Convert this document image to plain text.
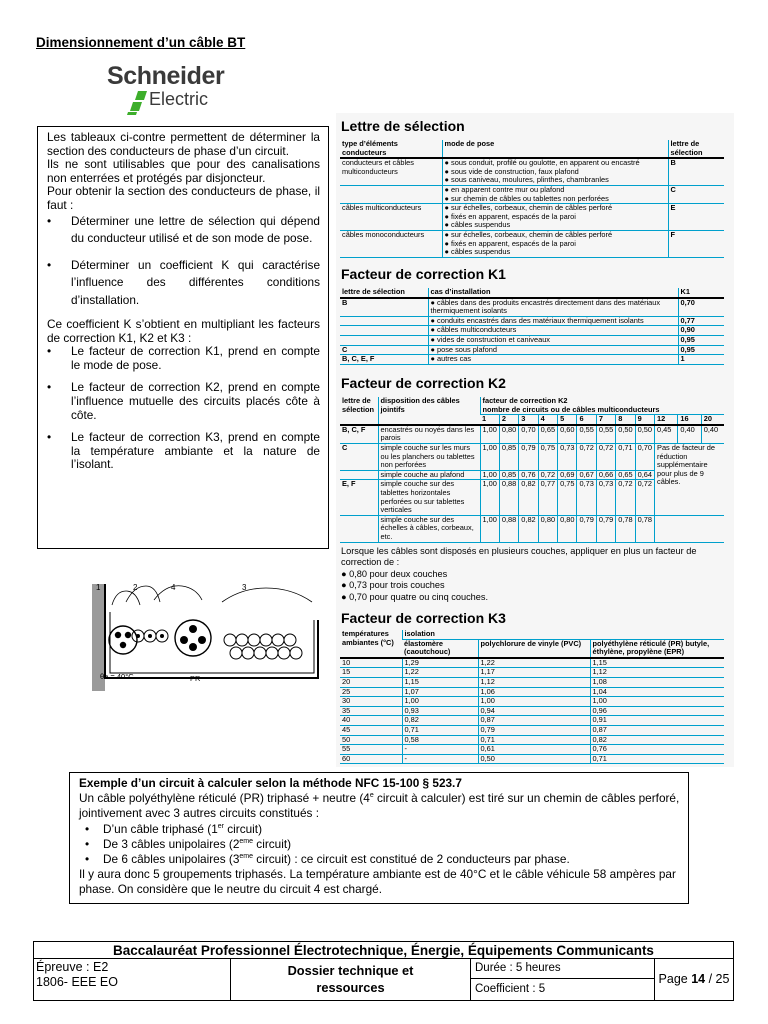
Dimensionnement d’un câble BT
Schneider
Electric

Les tableaux ci-contre permettent de déterminer la section des conducteurs de phase d’un circuit.

Ils ne sont utilisables que pour des canalisations non enterrées et protégés par disjoncteur.

Pour obtenir la section des conducteurs de phase, il faut :

• Déterminer une lettre de sélection qui dépend du conducteur utilisé et de son mode de pose.
• Déterminer un coefficient K qui caractérise l’influence des différentes conditions d’installation.

Ce coefficient K s’obtient en multipliant les facteurs de correction K1, K2 et K3 :

• Le facteur de correction K1, prend en compte le mode de pose.
• Le facteur de correction K2, prend en compte l’influence mutuelle des circuits placés côte à côte.
• Le facteur de correction K3, prend en compte la température ambiante et la nature de l’isolant.
Lettre de sélection
type d’éléments conducteurs	mode de pose	lettre de sélection
conducteurs et câbles multiconducteurs	● sous conduit, profilé ou goulotte, en apparent ou encastré
● sous vide de construction, faux plafond
● sous caniveau, moulures, plinthes, chambranles	B

	● en apparent contre mur ou plafond
● sur chemin de câbles ou tablettes non perforées	C
câbles multiconducteurs	● sur échelles, corbeaux, chemin de câbles perforé
● fixés en apparent, espacés de la paroi
● câbles suspendus	E
câbles monoconducteurs	● sur échelles, corbeaux, chemin de câbles perforé
● fixés en apparent, espacés de la paroi
● câbles suspendus	F
Facteur de correction K1
lettre de sélection	cas d’installation	K1
B	● câbles dans des produits encastrés directement dans des matériaux thermiquement isolants	0,70
	● conduits encastrés dans des matériaux thermiquement isolants	0,77
	● câbles multiconducteurs	0,90
	● vides de construction et caniveaux	0,95
C	● pose sous plafond	0,95
B, C, E, F	● autres cas	1
Facteur de correction K2
lettre de sélection	disposition des câbles jointifs	facteur de correction K2
nombre de circuits ou de câbles multiconducteurs											

		1	2	3	4	5	6	7	8	9	12	16	20
B, C, F	encastrés ou noyés dans les parois	1,00	0,80	0,70	0,65	0,60	0,55	0,55	0,50	0,50	0,45	0,40	0,40
C	simple couche sur les murs ou les planchers ou tablettes non perforées	1,00	0,85	0,79	0,75	0,73	0,72	0,72	0,71	0,70	Pas de facteur de réduction supplémentaire pour plus de 9 câbles.		
	simple couche au plafond	1,00	0,85	0,76	0,72	0,69	0,67	0,66	0,65	0,64			
E, F	simple couche sur des tablettes horizontales perforées ou sur tablettes verticales	1,00	0,88	0,82	0,77	0,75	0,73	0,73	0,72	0,72			
	simple couche sur des échelles à câbles, corbeaux, etc.	1,00	0,88	0,82	0,80	0,80	0,79	0,79	0,78	0,78			
Lorsque les câbles sont disposés en plusieurs couches, appliquer en plus un facteur de correction de :
● 0,80 pour deux couches
● 0,73 pour trois couches
● 0,70 pour quatre ou cinq couches.
Facteur de correction K3
températures ambiantes (°C)	isolation		
	élastomère (caoutchouc)	polychlorure de vinyle (PVC)	polyéthylène réticulé (PR) butyle, éthylène, propylène (EPR)
10	1,29	1,22	1,15
15	1,22	1,17	1,12
20	1,15	1,12	1,08
25	1,07	1,06	1,04
30	1,00	1,00	1,00
35	0,93	0,94	0,96
40	0,82	0,87	0,91
45	0,71	0,79	0,87
50	0,58	0,71	0,82
55	-	0,61	0,76
60	-	0,50	0,71
1	2	4	3
θa = 40°C	PR
Exemple d’un circuit à calculer selon la méthode NFC 15-100 § 523.7

Un câble polyéthylène réticulé (PR) triphasé + neutre (4e circuit à calculer) est tiré sur un chemin de câbles perforé, jointivement avec 3 autres circuits constitués :

• D’un câble triphasé (1er circuit)
• De 3 câbles unipolaires (2eme circuit)
• De 6 câbles unipolaires (3eme circuit) : ce circuit est constitué de 2 conducteurs par phase.

Il y aura donc 5 groupements triphasés. La température ambiante est de 40°C et le câble véhicule 58 ampères par phase. On considère que le neutre du circuit 4 est chargé.

Baccalauréat Professionnel Électrotechnique, Énergie, Équipements Communicants
Épreuve : E2
1806- EEE EO
Dossier technique et
ressources
Durée : 5 heures
Coefficient : 5
Page 14 / 25
